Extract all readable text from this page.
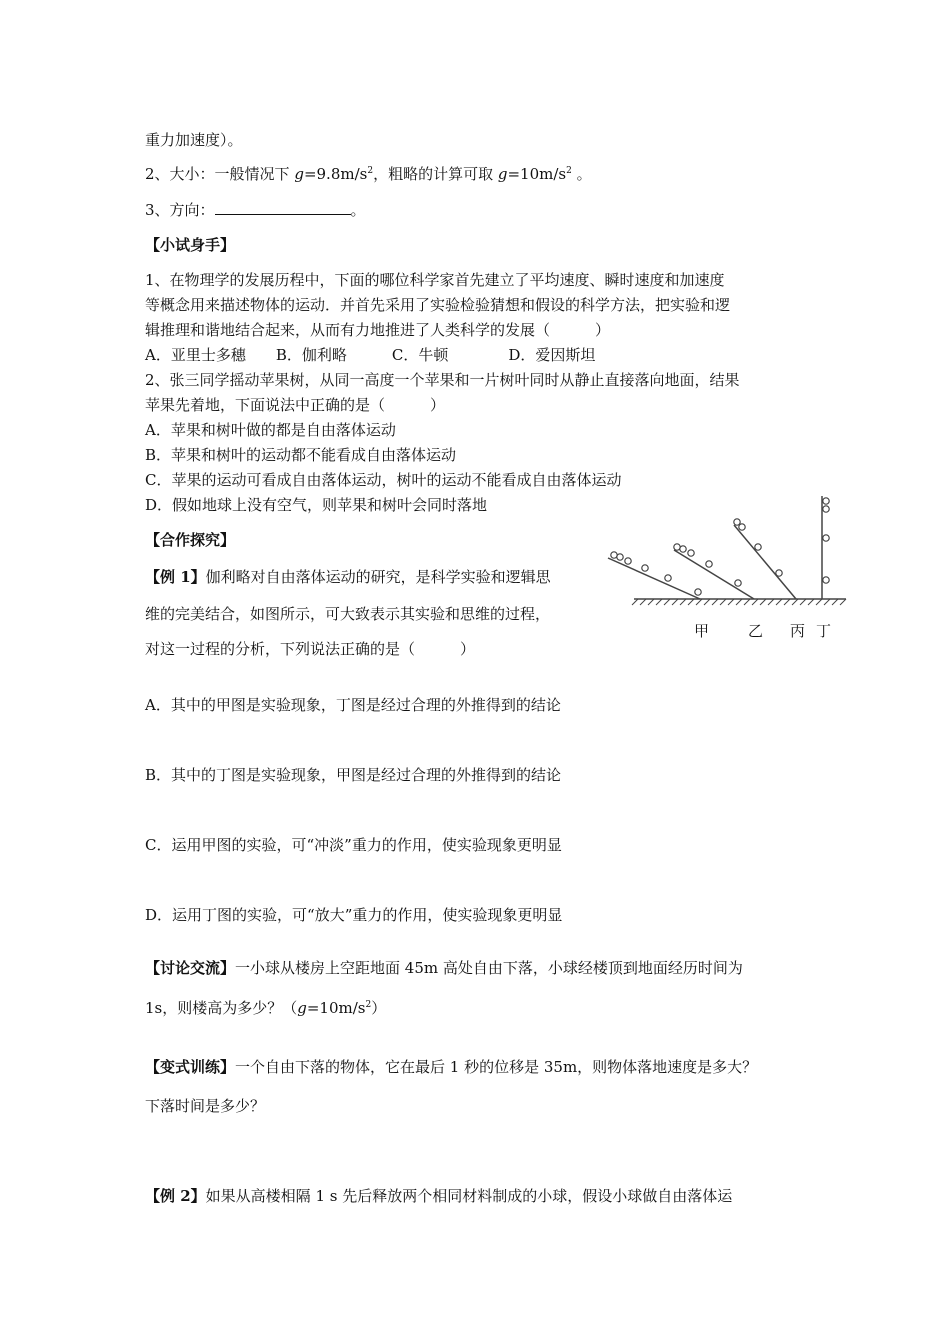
重力加速度）。
2、大小：一般情况下 $g=9.8m/s^2$，粗略的计算可取 $g=10m/s^2$ 。
3、方向：	。
【小试身手】
1、在物理学的发展历程中，下面的哪位科学家首先建立了平均速度、瞬时速度和加速度
等概念用来描述物体的运动．并首先采用了实验检验猜想和假设的科学方法，把实验和逻
辑推理和谐地结合起来，从而有力地推进了人类科学的发展（　　　）
A．亚里士多穗　　B．伽利略　　　C．牛顿　　　　D．爱因斯坦
2、张三同学摇动苹果树，从同一高度一个苹果和一片树叶同时从静止直接落向地面，结果
苹果先着地，下面说法中正确的是（　　　）
A．苹果和树叶做的都是自由落体运动
B．苹果和树叶的运动都不能看成自由落体运动
C．苹果的运动可看成自由落体运动，树叶的运动不能看成自由落体运动
D．假如地球上没有空气，则苹果和树叶会同时落地
【合作探究】
【例 1】伽利略对自由落体运动的研究，是科学实验和逻辑思
维的完美结合，如图所示，可大致表示其实验和思维的过程，
对这一过程的分析，下列说法正确的是（　　　）
甲	乙 丙 丁
A．其中的甲图是实验现象，丁图是经过合理的外推得到的结论
B．其中的丁图是实验现象，甲图是经过合理的外推得到的结论
C．运用甲图的实验，可“冲淡”重力的作用，使实验现象更明显
D．运用丁图的实验，可“放大”重力的作用，使实验现象更明显
【讨论交流】一小球从楼房上空距地面 45m 高处自由下落，小球经楼顶到地面经历时间为
1s，则楼高为多少？$(g=10m/s^2)$
【变式训练】一个自由下落的物体，它在最后 1 秒的位移是 35m，则物体落地速度是多大？
下落时间是多少？
【例 2】如果从高楼相隔 1 s 先后释放两个相同材料制成的小球，假设小球做自由落体运
